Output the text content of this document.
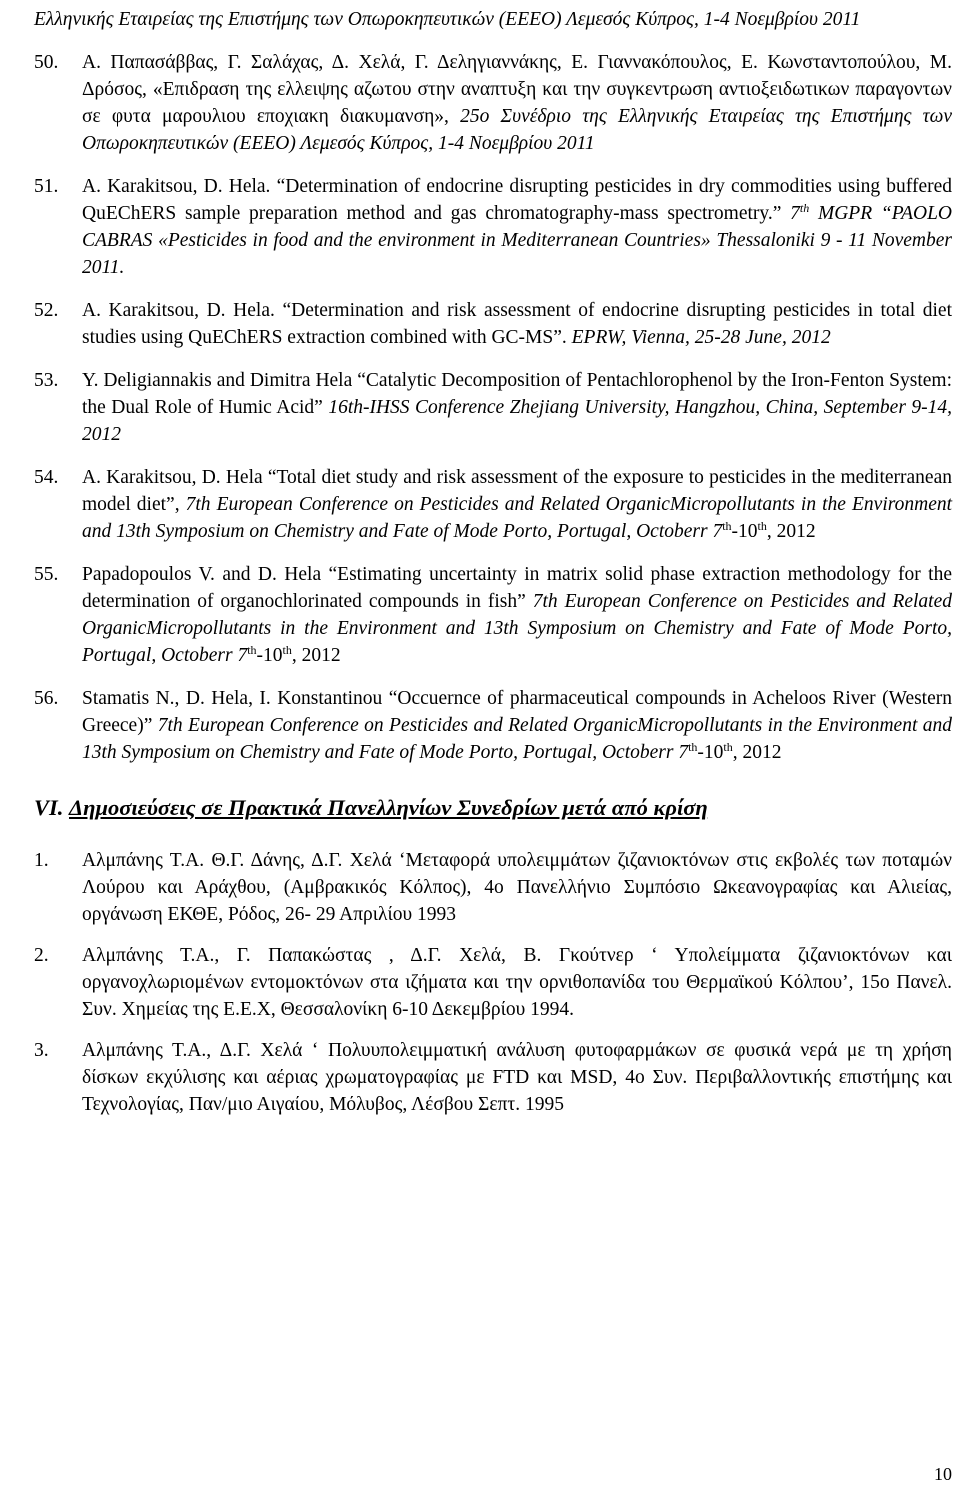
Ελληνικής Εταιρείας της Επιστήμης των Οπωροκηπευτικών (ΕΕΕΟ) Λεμεσός Κύπρος, 1-4 Νοεμβρίου 2011

50.	Α. Παπασάββας, Γ. Σαλάχας, Δ. Χελά, Γ. Δεληγιαννάκης, Ε. Γιαννακόπουλος, Ε. Κωνσταντοπούλου, Μ. Δρόσος, «Επιδραση της ελλειψης αζωτου στην αναπτυξη και την συγκεντρωση αντιοξειδωτικων παραγοντων σε φυτα μαρουλιου εποχιακη διακυμανση», 25ο Συνέδριο της Ελληνικής Εταιρείας της Επιστήμης των Οπωροκηπευτικών (ΕΕΕΟ) Λεμεσός Κύπρος, 1-4 Νοεμβρίου 2011
51.	A. Karakitsou, D. Hela. “Determination of endocrine disrupting pesticides in dry commodities using buffered QuEChERS sample preparation method and gas chromatography-mass spectrometry.” 7th MGPR “PAOLO CABRAS «Pesticides in food and the environment in Mediterranean Countries» Thessaloniki 9 - 11 November 2011.
52.	A. Karakitsou, D. Hela. “Determination and risk assessment of endocrine disrupting pesticides in total diet studies using QuEChERS extraction combined with GC-MS”. EPRW, Vienna, 25-28 June, 2012
53.	Y. Deligiannakis and Dimitra Hela “Catalytic Decomposition of Pentachlorophenol by the Iron-Fenton System: the Dual Role of Humic Acid” 16th-IHSS Conference Zhejiang University, Hangzhou, China, September 9-14, 2012
54.	A. Karakitsou, D. Hela “Total diet study and risk assessment of the exposure to pesticides in the mediterranean model diet”, 7th European Conference on Pesticides and Related OrganicMicropollutants in the Environment and 13th Symposium on Chemistry and Fate of Mode Porto, Portugal, Octoberr 7th-10th, 2012
55.	Papadopoulos V. and D. Hela “Estimating uncertainty in matrix solid phase extraction methodology for the determination of organochlorinated compounds in fish” 7th European Conference on Pesticides and Related OrganicMicropollutants in the Environment and 13th Symposium on Chemistry and Fate of Mode Porto, Portugal, Octoberr 7th-10th, 2012
56.	Stamatis N., D. Hela, I. Konstantinou “Occuernce of pharmaceutical compounds in Acheloos River (Western Greece)” 7th European Conference on Pesticides and Related OrganicMicropollutants in the Environment and 13th Symposium on Chemistry and Fate of Mode Porto, Portugal, Octoberr 7th-10th, 2012
VI. Δημοσιεύσεις σε Πρακτικά Πανελληνίων Συνεδρίων μετά από κρίση
1.	Αλμπάνης Τ.Α. Θ.Γ. Δάνης, Δ.Γ. Χελά ‘Μεταφορά υπολειμμάτων ζιζανιοκτόνων στις εκβολές των ποταμών Λούρου και Αράχθου, (Αμβρακικός Κόλπος), 4ο Πανελλήνιο Συμπόσιο Ωκεανογραφίας και Αλιείας, οργάνωση ΕΚΘΕ, Ρόδος, 26- 29 Απριλίου 1993
2.	Αλμπάνης Τ.Α., Γ. Παπακώστας , Δ.Γ. Χελά, Β. Γκούτνερ ‘ Υπολείμματα ζιζανιοκτόνων και οργανοχλωριομένων εντομοκτόνων στα ιζήματα και την ορνιθοπανίδα του Θερμαϊκού Κόλπου’, 15ο Πανελ. Συν. Χημείας της Ε.Ε.Χ, Θεσσαλονίκη 6-10 Δεκεμβρίου 1994.
3.	Αλμπάνης Τ.Α., Δ.Γ. Χελά ‘ Πολυυπολειμματική ανάλυση φυτοφαρμάκων σε φυσικά νερά με τη χρήση δίσκων εκχύλισης και αέριας χρωματογραφίας με FTD και MSD, 4ο Συν. Περιβαλλοντικής επιστήμης και Τεχνολογίας, Παν/μιο Αιγαίου, Μόλυβος, Λέσβου Σεπτ. 1995
10
